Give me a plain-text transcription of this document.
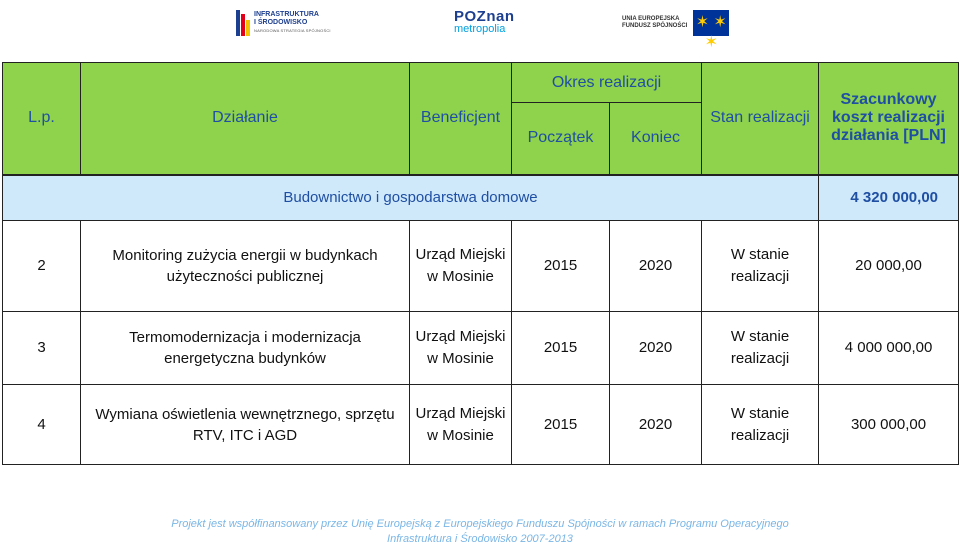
INFRASTRUKTURA
I ŚRODOWISKO
NARODOWA STRATEGIA SPÓJNOŚCI
POZnan
metropolia
UNIA EUROPEJSKA
FUNDUSZ SPÓJNOŚCI ✶ ✶ ✶
L.p.	Działanie	Beneficjent	Okres realizacji		Stan realizacji	Szacunkowy koszt realizacji działania [PLN]
			Początek	Koniec		
Budownictwo i gospodarstwa domowe						4 320 000,00
2	Monitoring zużycia energii w budynkach użyteczności publicznej	Urząd Miejski w Mosinie	2015	2020	W stanie realizacji	20 000,00
3	Termomodernizacja i modernizacja energetyczna budynków	Urząd Miejski w Mosinie	2015	2020	W stanie realizacji	4 000 000,00
4	Wymiana oświetlenia wewnętrznego, sprzętu RTV, ITC i AGD	Urząd Miejski w Mosinie	2015	2020	W stanie realizacji	300 000,00
Projekt jest współfinansowany przez Unię Europejską z Europejskiego Funduszu Spójności w ramach Programu Operacyjnego
Infrastruktura i Środowisko 2007-2013
